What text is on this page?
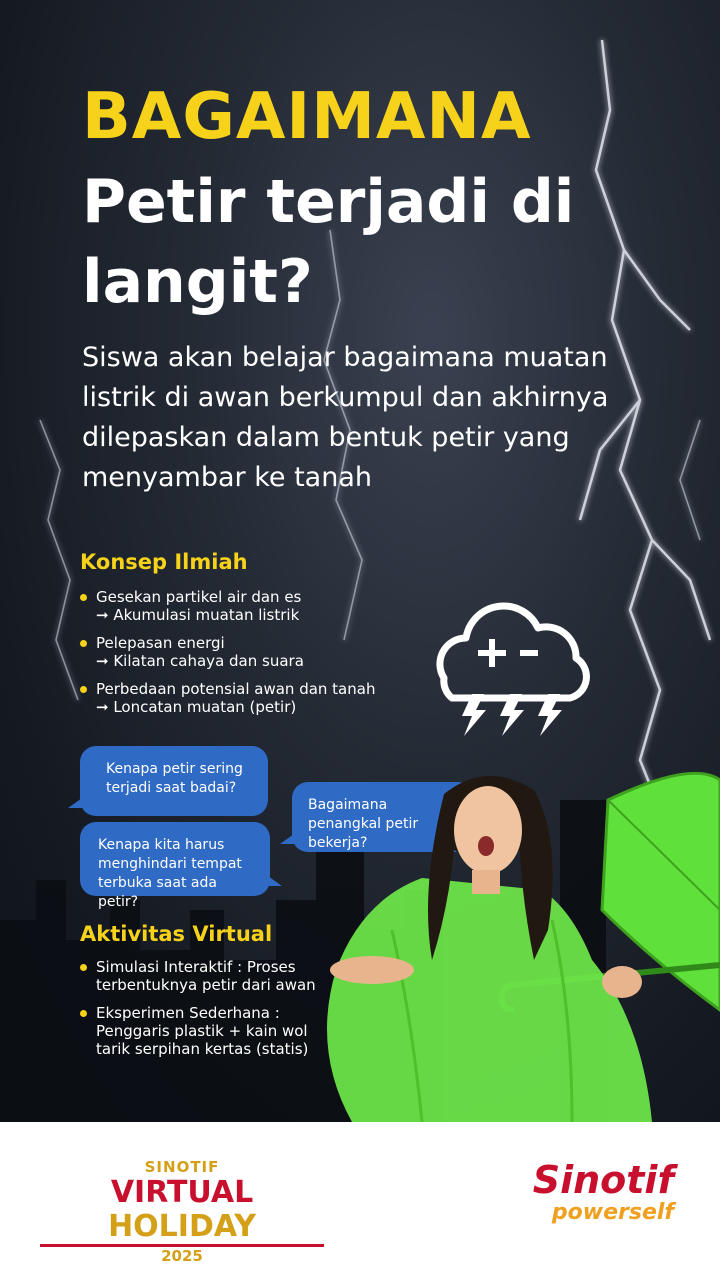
BAGAIMANA
Petir terjadi di langit?
Siswa akan belajar bagaimana muatan listrik di awan berkumpul dan akhirnya dilepaskan dalam bentuk petir yang menyambar ke tanah
Konsep Ilmiah
Gesekan partikel air dan es
➞ Akumulasi muatan listrik
Pelepasan energi
➞ Kilatan cahaya dan suara
Perbedaan potensial awan dan tanah
➞ Loncatan muatan (petir)
Kenapa petir sering terjadi saat badai?
Kenapa kita harus menghindari tempat terbuka saat ada petir?
Bagaimana penangkal petir bekerja?
Aktivitas Virtual
Simulasi Interaktif : Proses terbentuknya petir dari awan
Eksperimen Sederhana : Penggaris plastik + kain wol tarik serpihan kertas (statis)
SINOTIF
VIRTUAL HOLIDAY
2025
Sinotif
powerself
